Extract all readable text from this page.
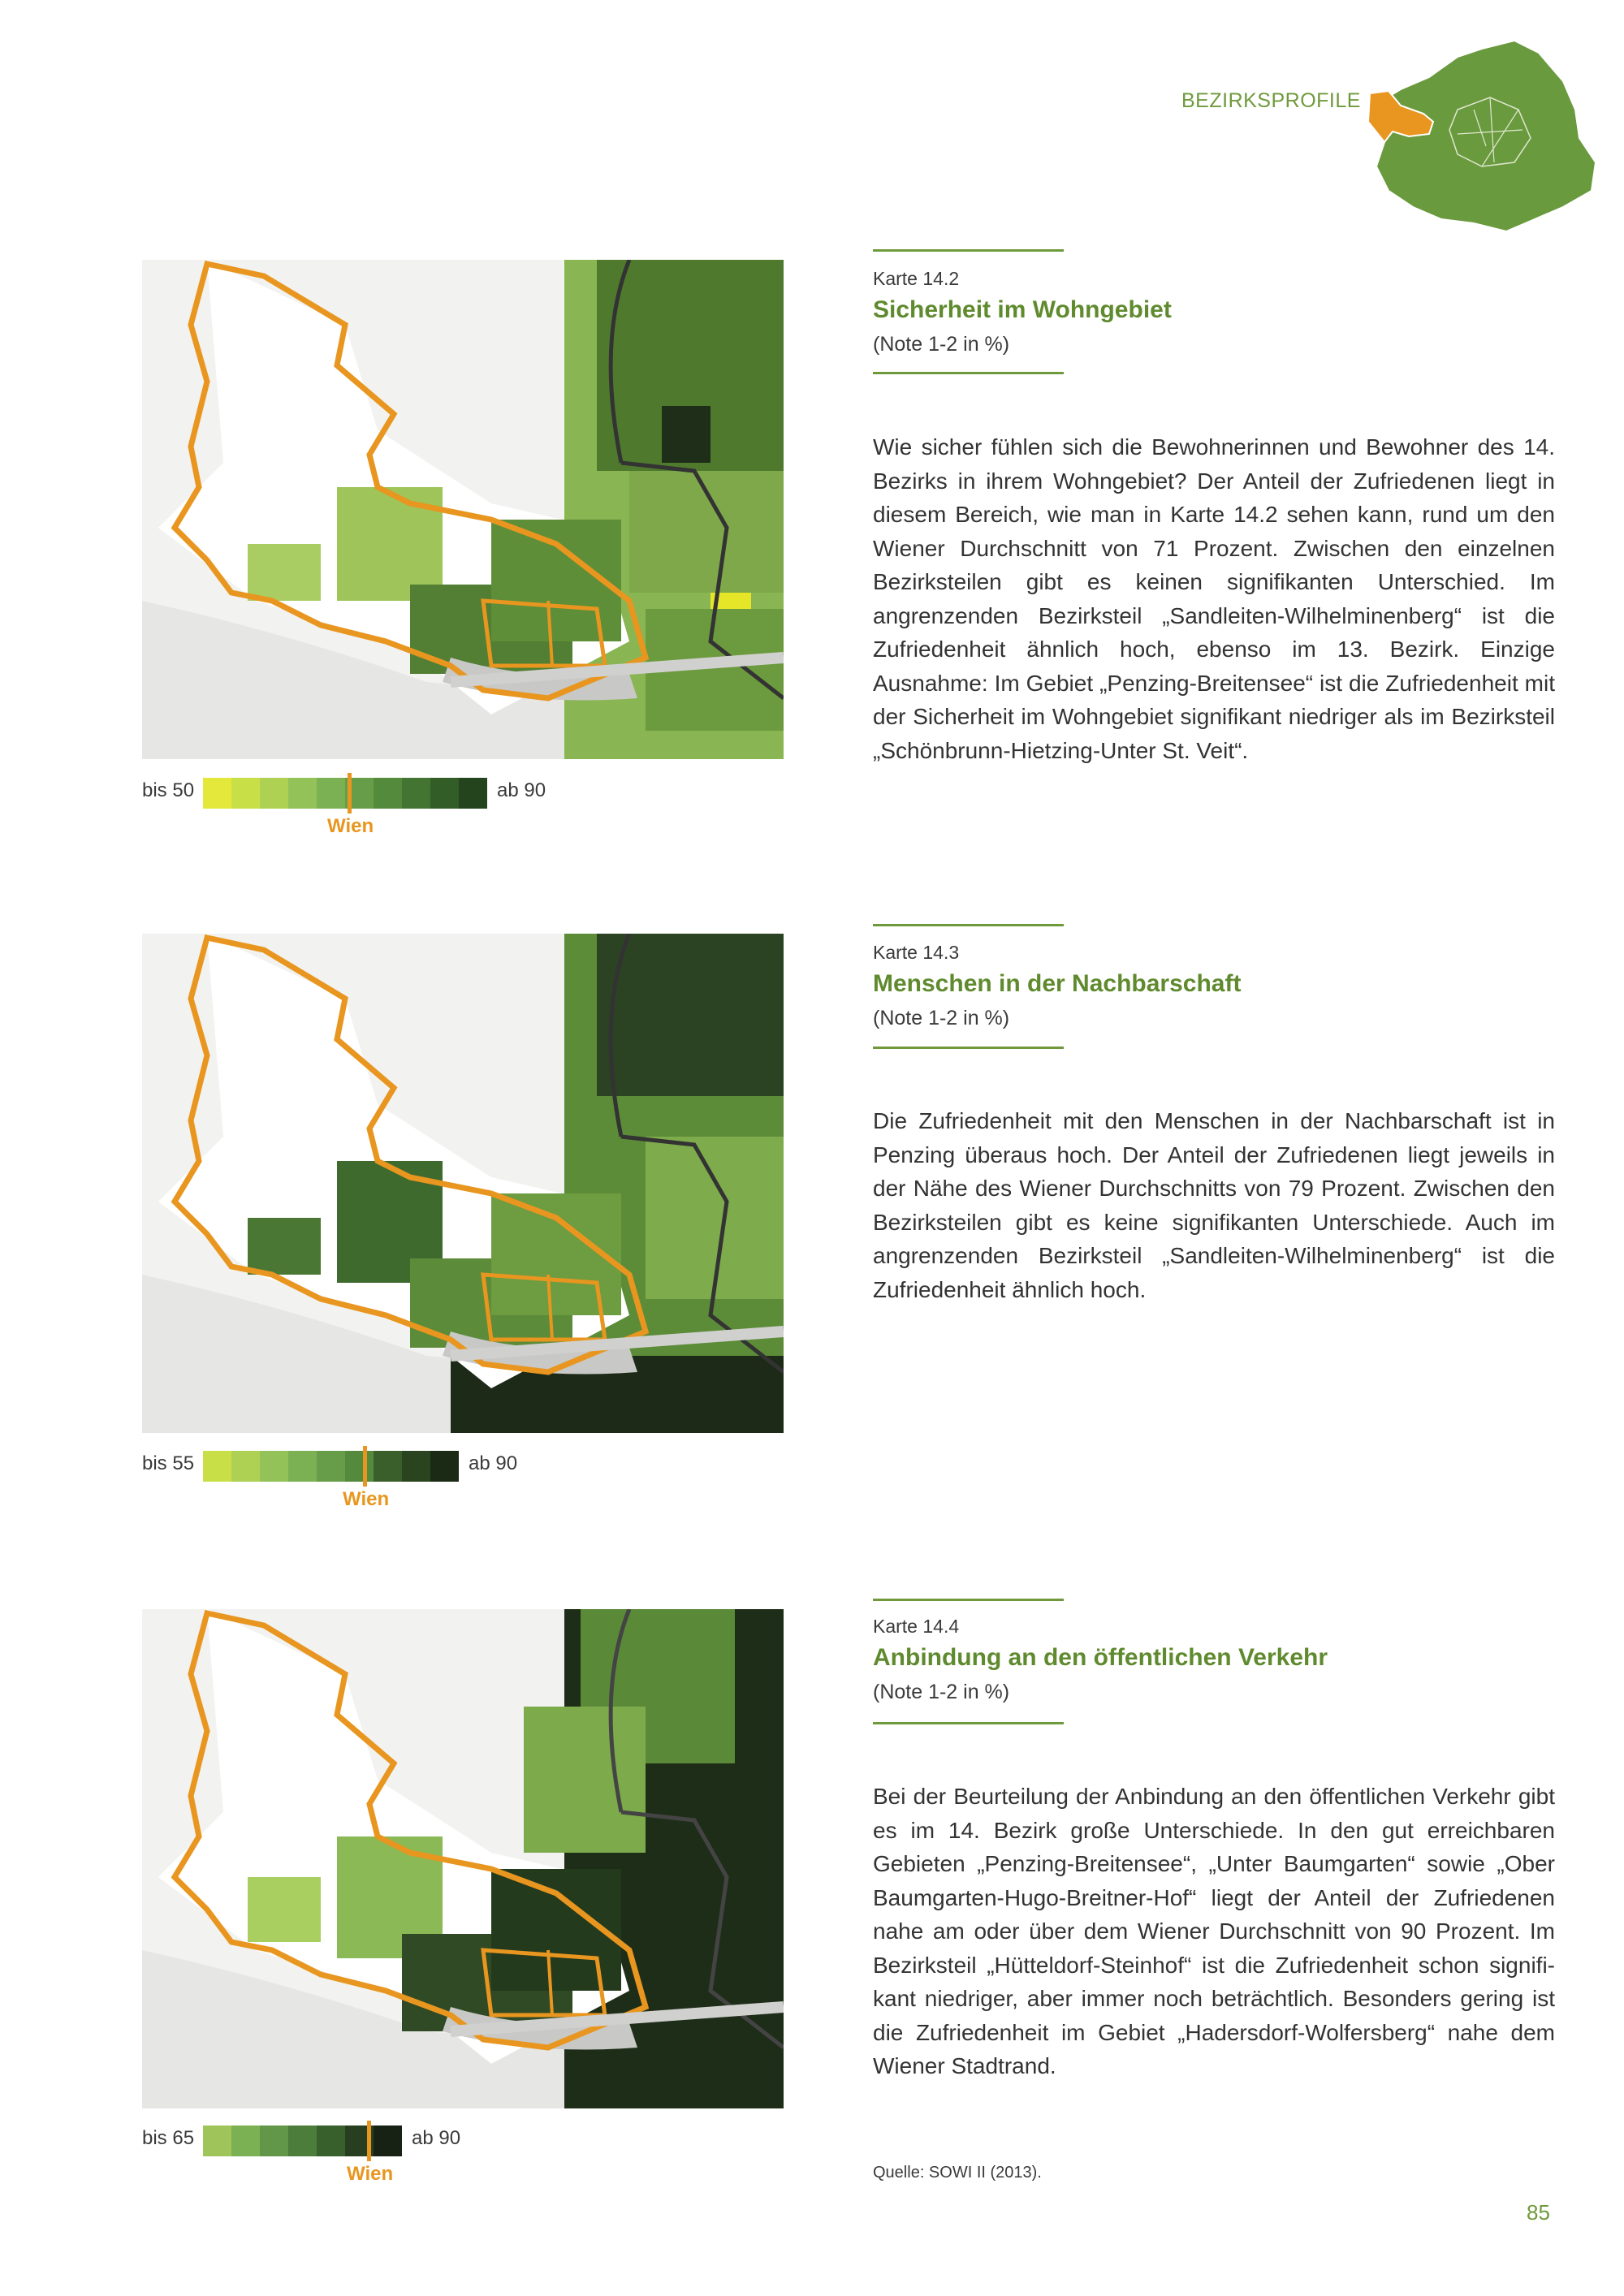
BEZIRKSPROFILE
bis 50
Wien
ab 90
Karte 14.2
Sicherheit im Wohngebiet
(Note 1-2 in %)
Wie sicher fühlen sich die Bewohnerinnen und Bewohner des 14. Bezirks in ihrem Wohngebiet? Der Anteil der Zufriedenen liegt in diesem Bereich, wie man in Karte 14.2 sehen kann, rund um den Wiener Durchschnitt von 71 Prozent. Zwischen den einzelnen Bezirksteilen gibt es keinen signifikanten Unterschied. Im angrenzenden Bezirksteil „Sandleiten-Wilhelminenberg“ ist die Zufriedenheit ähnlich hoch, ebenso im 13. Bezirk. Einzige Ausnahme: Im Gebiet „Penzing-Breitensee“ ist die Zufriedenheit mit der Sicherheit im Wohngebiet signifikant niedriger als im Bezirksteil „Schönbrunn-Hietzing-Unter St. Veit“.
bis 55
Wien
ab 90
Karte 14.3
Menschen in der Nachbarschaft
(Note 1-2 in %)
Die Zufriedenheit mit den Menschen in der Nachbarschaft ist in Penzing überaus hoch. Der Anteil der Zufriedenen liegt jeweils in der Nähe des Wiener Durchschnitts von 79 Prozent. Zwischen den Bezirksteilen gibt es keine signifikanten Unterschiede. Auch im angrenzenden Bezirksteil „Sandleiten-Wilhelminenberg“ ist die Zufriedenheit ähnlich hoch.
bis 65
Wien
ab 90
Karte 14.4
Anbindung an den öffentlichen Verkehr
(Note 1-2 in %)
Bei der Beurteilung der Anbindung an den öffentlichen Verkehr gibt es im 14. Bezirk große Unterschiede. In den gut erreichbaren Gebieten „Penzing-Breitensee“, „Unter Baumgarten“ sowie „Ober Baumgarten-Hugo-Breitner-Hof“ liegt der Anteil der Zufriedenen nahe am oder über dem Wiener Durchschnitt von 90 Prozent. Im Bezirksteil „Hütteldorf-Steinhof“ ist die Zufriedenheit schon signifikant niedriger, aber immer noch beträchtlich. Besonders gering ist die Zufriedenheit im Gebiet „Hadersdorf-Wolfersberg“ nahe dem Wiener Stadtrand.
Quelle: SOWI II (2013).
85
